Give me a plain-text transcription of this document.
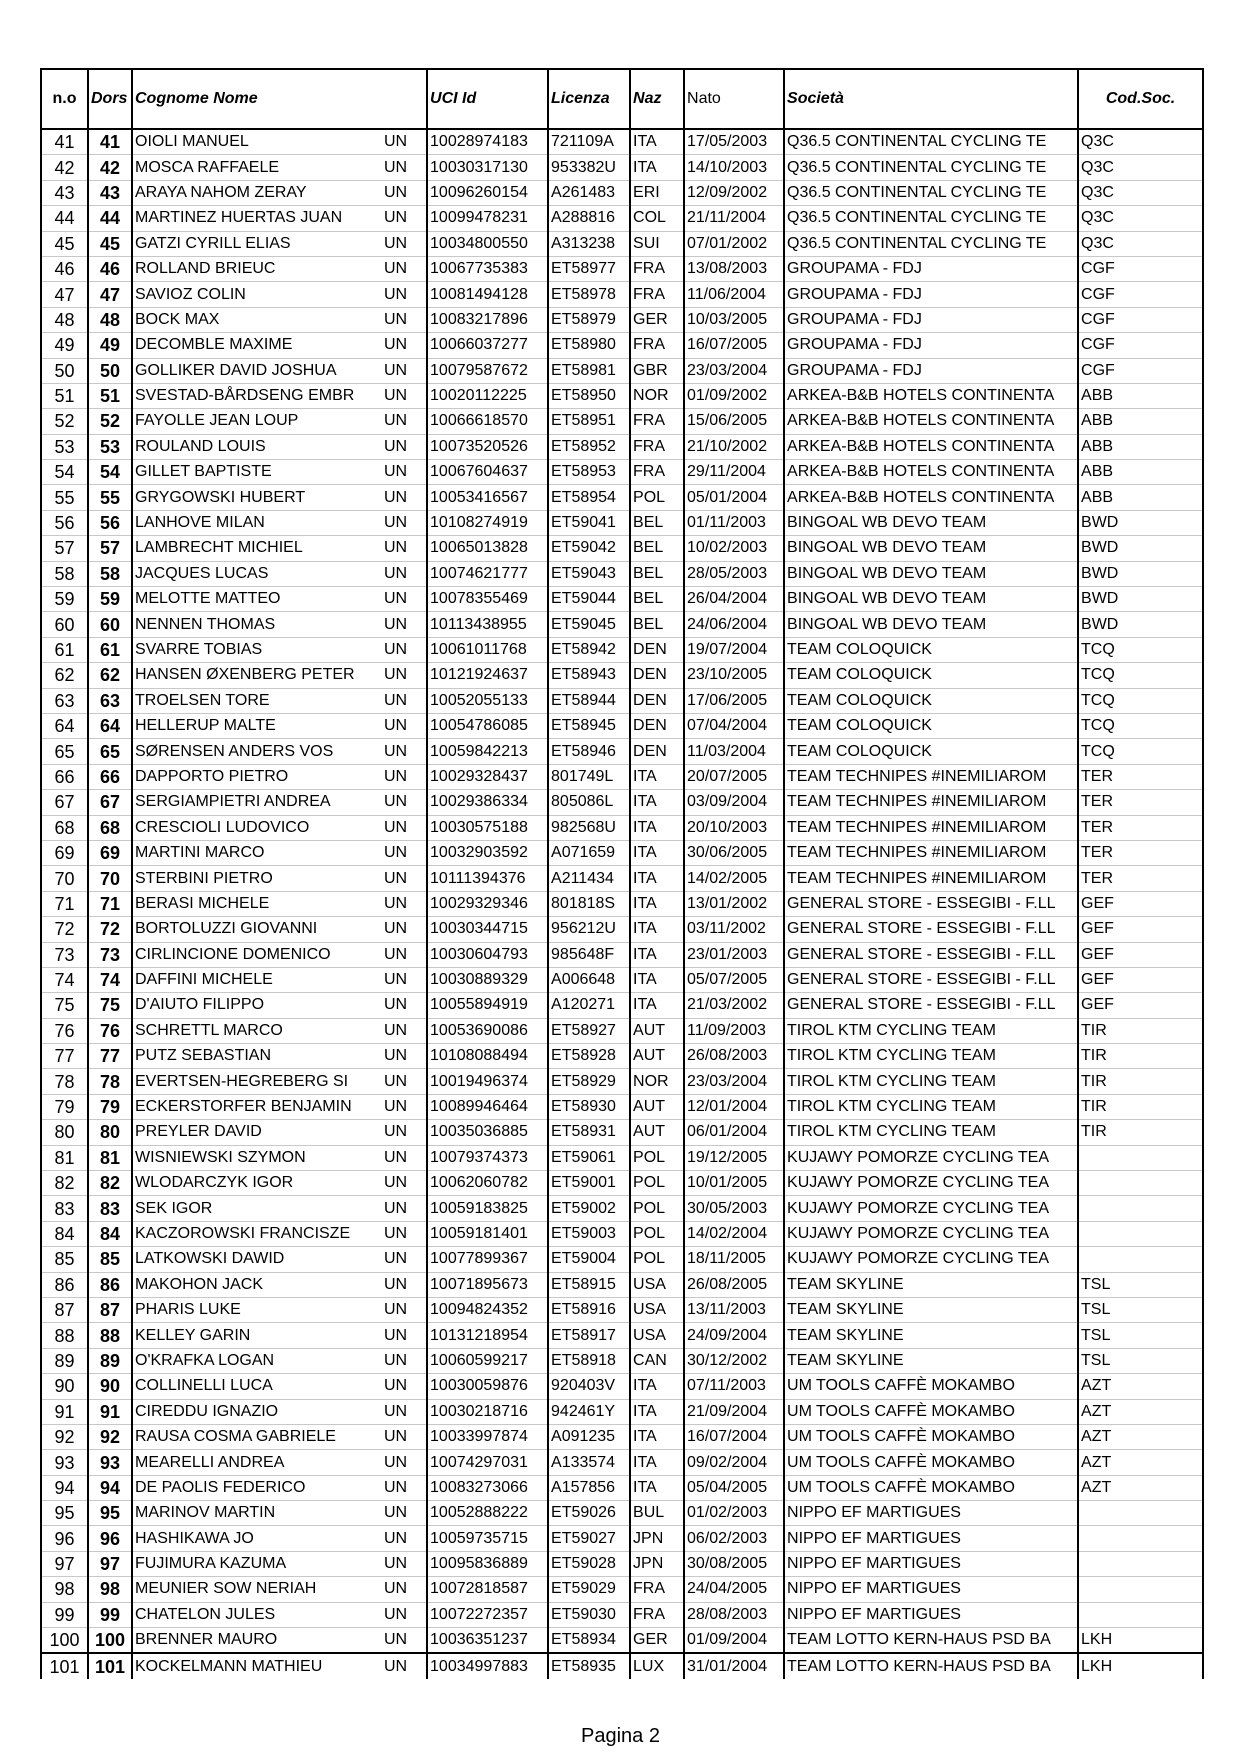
n.o	Dors	Cognome Nome		UCI Id	Licenza	Naz	Nato	Società	Cod.Soc.
41	41	OIOLI MANUEL	UN	10028974183	721109A	ITA	17/05/2003	Q36.5 CONTINENTAL CYCLING TE	Q3C
42	42	MOSCA RAFFAELE	UN	10030317130	953382U	ITA	14/10/2003	Q36.5 CONTINENTAL CYCLING TE	Q3C
43	43	ARAYA NAHOM ZERAY	UN	10096260154	A261483	ERI	12/09/2002	Q36.5 CONTINENTAL CYCLING TE	Q3C
44	44	MARTINEZ HUERTAS JUAN	UN	10099478231	A288816	COL	21/11/2004	Q36.5 CONTINENTAL CYCLING TE	Q3C
45	45	GATZI CYRILL ELIAS	UN	10034800550	A313238	SUI	07/01/2002	Q36.5 CONTINENTAL CYCLING TE	Q3C
46	46	ROLLAND BRIEUC	UN	10067735383	ET58977	FRA	13/08/2003	GROUPAMA - FDJ	CGF
47	47	SAVIOZ COLIN	UN	10081494128	ET58978	FRA	11/06/2004	GROUPAMA - FDJ	CGF
48	48	BOCK MAX	UN	10083217896	ET58979	GER	10/03/2005	GROUPAMA - FDJ	CGF
49	49	DECOMBLE MAXIME	UN	10066037277	ET58980	FRA	16/07/2005	GROUPAMA - FDJ	CGF
50	50	GOLLIKER DAVID JOSHUA	UN	10079587672	ET58981	GBR	23/03/2004	GROUPAMA - FDJ	CGF
51	51	SVESTAD-BÅRDSENG EMBR	UN	10020112225	ET58950	NOR	01/09/2002	ARKEA-B&B HOTELS CONTINENTA	ABB
52	52	FAYOLLE JEAN LOUP	UN	10066618570	ET58951	FRA	15/06/2005	ARKEA-B&B HOTELS CONTINENTA	ABB
53	53	ROULAND LOUIS	UN	10073520526	ET58952	FRA	21/10/2002	ARKEA-B&B HOTELS CONTINENTA	ABB
54	54	GILLET BAPTISTE	UN	10067604637	ET58953	FRA	29/11/2004	ARKEA-B&B HOTELS CONTINENTA	ABB
55	55	GRYGOWSKI HUBERT	UN	10053416567	ET58954	POL	05/01/2004	ARKEA-B&B HOTELS CONTINENTA	ABB
56	56	LANHOVE MILAN	UN	10108274919	ET59041	BEL	01/11/2003	BINGOAL WB DEVO TEAM	BWD
57	57	LAMBRECHT MICHIEL	UN	10065013828	ET59042	BEL	10/02/2003	BINGOAL WB DEVO TEAM	BWD
58	58	JACQUES LUCAS	UN	10074621777	ET59043	BEL	28/05/2003	BINGOAL WB DEVO TEAM	BWD
59	59	MELOTTE MATTEO	UN	10078355469	ET59044	BEL	26/04/2004	BINGOAL WB DEVO TEAM	BWD
60	60	NENNEN THOMAS	UN	10113438955	ET59045	BEL	24/06/2004	BINGOAL WB DEVO TEAM	BWD
61	61	SVARRE TOBIAS	UN	10061011768	ET58942	DEN	19/07/2004	TEAM COLOQUICK	TCQ
62	62	HANSEN ØXENBERG PETER	UN	10121924637	ET58943	DEN	23/10/2005	TEAM COLOQUICK	TCQ
63	63	TROELSEN TORE	UN	10052055133	ET58944	DEN	17/06/2005	TEAM COLOQUICK	TCQ
64	64	HELLERUP MALTE	UN	10054786085	ET58945	DEN	07/04/2004	TEAM COLOQUICK	TCQ
65	65	SØRENSEN ANDERS VOS	UN	10059842213	ET58946	DEN	11/03/2004	TEAM COLOQUICK	TCQ
66	66	DAPPORTO PIETRO	UN	10029328437	801749L	ITA	20/07/2005	TEAM TECHNIPES #INEMILIAROM	TER
67	67	SERGIAMPIETRI ANDREA	UN	10029386334	805086L	ITA	03/09/2004	TEAM TECHNIPES #INEMILIAROM	TER
68	68	CRESCIOLI LUDOVICO	UN	10030575188	982568U	ITA	20/10/2003	TEAM TECHNIPES #INEMILIAROM	TER
69	69	MARTINI MARCO	UN	10032903592	A071659	ITA	30/06/2005	TEAM TECHNIPES #INEMILIAROM	TER
70	70	STERBINI PIETRO	UN	10111394376	A211434	ITA	14/02/2005	TEAM TECHNIPES #INEMILIAROM	TER
71	71	BERASI MICHELE	UN	10029329346	801818S	ITA	13/01/2002	GENERAL STORE - ESSEGIBI - F.LL	GEF
72	72	BORTOLUZZI GIOVANNI	UN	10030344715	956212U	ITA	03/11/2002	GENERAL STORE - ESSEGIBI - F.LL	GEF
73	73	CIRLINCIONE DOMENICO	UN	10030604793	985648F	ITA	23/01/2003	GENERAL STORE - ESSEGIBI - F.LL	GEF
74	74	DAFFINI MICHELE	UN	10030889329	A006648	ITA	05/07/2005	GENERAL STORE - ESSEGIBI - F.LL	GEF
75	75	D'AIUTO FILIPPO	UN	10055894919	A120271	ITA	21/03/2002	GENERAL STORE - ESSEGIBI - F.LL	GEF
76	76	SCHRETTL MARCO	UN	10053690086	ET58927	AUT	11/09/2003	TIROL KTM CYCLING TEAM	TIR
77	77	PUTZ SEBASTIAN	UN	10108088494	ET58928	AUT	26/08/2003	TIROL KTM CYCLING TEAM	TIR
78	78	EVERTSEN-HEGREBERG SI	UN	10019496374	ET58929	NOR	23/03/2004	TIROL KTM CYCLING TEAM	TIR
79	79	ECKERSTORFER BENJAMIN	UN	10089946464	ET58930	AUT	12/01/2004	TIROL KTM CYCLING TEAM	TIR
80	80	PREYLER DAVID	UN	10035036885	ET58931	AUT	06/01/2004	TIROL KTM CYCLING TEAM	TIR
81	81	WISNIEWSKI SZYMON	UN	10079374373	ET59061	POL	19/12/2005	KUJAWY POMORZE CYCLING TEA	
82	82	WLODARCZYK IGOR	UN	10062060782	ET59001	POL	10/01/2005	KUJAWY POMORZE CYCLING TEA	
83	83	SEK IGOR	UN	10059183825	ET59002	POL	30/05/2003	KUJAWY POMORZE CYCLING TEA	
84	84	KACZOROWSKI FRANCISZE	UN	10059181401	ET59003	POL	14/02/2004	KUJAWY POMORZE CYCLING TEA	
85	85	LATKOWSKI DAWID	UN	10077899367	ET59004	POL	18/11/2005	KUJAWY POMORZE CYCLING TEA	
86	86	MAKOHON JACK	UN	10071895673	ET58915	USA	26/08/2005	TEAM SKYLINE	TSL
87	87	PHARIS LUKE	UN	10094824352	ET58916	USA	13/11/2003	TEAM SKYLINE	TSL
88	88	KELLEY GARIN	UN	10131218954	ET58917	USA	24/09/2004	TEAM SKYLINE	TSL
89	89	O'KRAFKA LOGAN	UN	10060599217	ET58918	CAN	30/12/2002	TEAM SKYLINE	TSL
90	90	COLLINELLI LUCA	UN	10030059876	920403V	ITA	07/11/2003	UM TOOLS CAFFÈ MOKAMBO	AZT
91	91	CIREDDU IGNAZIO	UN	10030218716	942461Y	ITA	21/09/2004	UM TOOLS CAFFÈ MOKAMBO	AZT
92	92	RAUSA COSMA GABRIELE	UN	10033997874	A091235	ITA	16/07/2004	UM TOOLS CAFFÈ MOKAMBO	AZT
93	93	MEARELLI ANDREA	UN	10074297031	A133574	ITA	09/02/2004	UM TOOLS CAFFÈ MOKAMBO	AZT
94	94	DE PAOLIS FEDERICO	UN	10083273066	A157856	ITA	05/04/2005	UM TOOLS CAFFÈ MOKAMBO	AZT
95	95	MARINOV MARTIN	UN	10052888222	ET59026	BUL	01/02/2003	NIPPO EF MARTIGUES	
96	96	HASHIKAWA JO	UN	10059735715	ET59027	JPN	06/02/2003	NIPPO EF MARTIGUES	
97	97	FUJIMURA KAZUMA	UN	10095836889	ET59028	JPN	30/08/2005	NIPPO EF MARTIGUES	
98	98	MEUNIER SOW NERIAH	UN	10072818587	ET59029	FRA	24/04/2005	NIPPO EF MARTIGUES	
99	99	CHATELON JULES	UN	10072272357	ET59030	FRA	28/08/2003	NIPPO EF MARTIGUES	
100	100	BRENNER MAURO	UN	10036351237	ET58934	GER	01/09/2004	TEAM LOTTO KERN-HAUS PSD BA	LKH
101	101	KOCKELMANN MATHIEU	UN	10034997883	ET58935	LUX	31/01/2004	TEAM LOTTO KERN-HAUS PSD BA	LKH
Pagina 2
